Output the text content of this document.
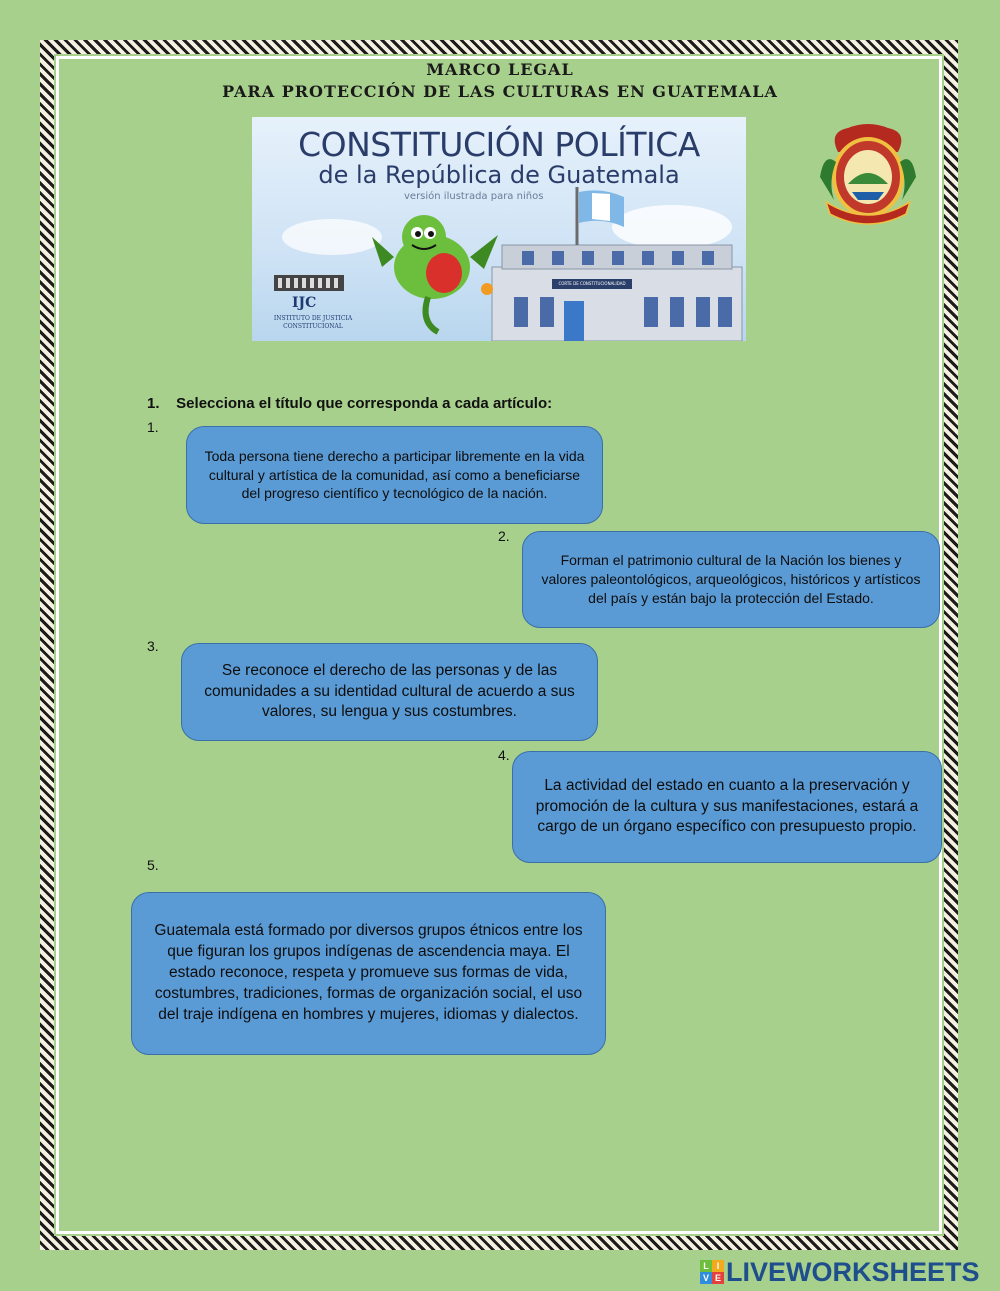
MARCO LEGAL
PARA PROTECCIÓN DE LAS CULTURAS EN GUATEMALA
CONSTITUCIÓN POLÍTICA
de la República de Guatemala
versión ilustrada para niños
CORTE DE CONSTITUCIONALIDAD
IJC
INSTITUTO DE JUSTICIA
CONSTITUCIONAL
1.    Selecciona el título que corresponda a cada artículo:
1.
Toda persona tiene derecho a participar libremente en la vida cultural y artística de la comunidad, así como a beneficiarse del progreso científico y tecnológico de la nación.
2.
Forman el patrimonio cultural de la Nación los bienes y valores paleontológicos, arqueológicos, históricos y artísticos del país y están bajo la protección del Estado.
3.
Se reconoce el derecho de las personas y de las comunidades a su identidad cultural de acuerdo a sus valores, su lengua y sus costumbres.
4.
La actividad del estado en cuanto a la preservación y promoción de la cultura y sus manifestaciones, estará a cargo de un órgano específico con presupuesto propio.
5.
Guatemala está formado por diversos grupos étnicos entre los que figuran los grupos indígenas de ascendencia maya. El estado reconoce, respeta y promueve sus formas de vida, costumbres, tradiciones, formas de organización social, el uso del traje indígena en hombres y mujeres, idiomas y dialectos.
L I
V E LIVEWORKSHEETS
